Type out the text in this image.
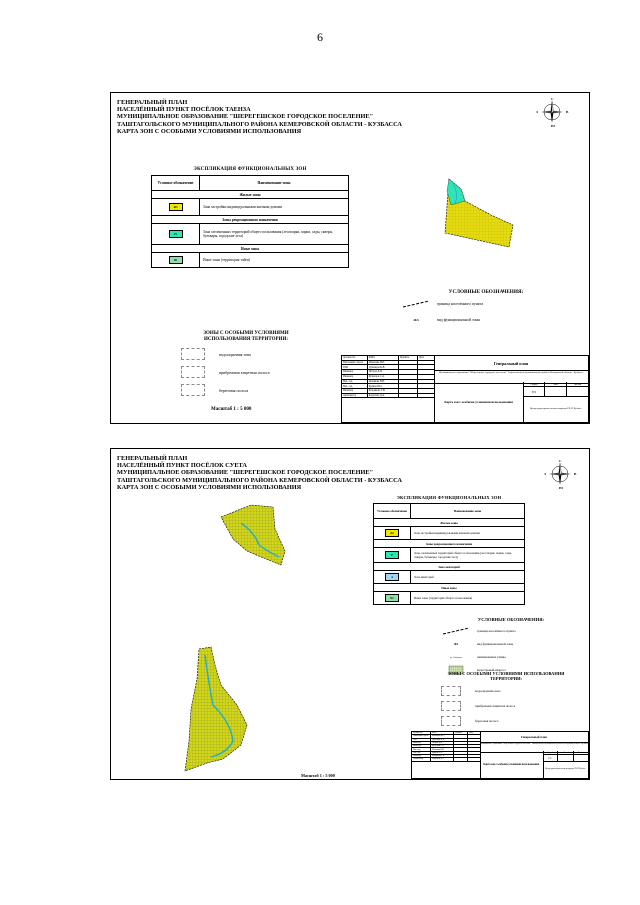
6
ГЕНЕРАЛЬНЫЙ ПЛАН
НАСЕЛЁННЫЙ ПУНКТ ПОСЁЛОК ТАЕНЗА
МУНИЦИПАЛЬНОЕ ОБРАЗОВАНИЕ "ШЕРЕГЕШСКОЕ ГОРОДСКОЕ ПОСЕЛЕНИЕ"
ТАШТАГОЛЬСКОГО МУНИЦИПАЛЬНОГО РАЙОНА КЕМЕРОВСКОЙ ОБЛАСТИ - КУЗБАССА
КАРТА ЗОН С ОСОБЫМИ УСЛОВИЯМИ ИСПОЛЬЗОВАНИЯ
С
Ю
З	В
ЭКСПЛИКАЦИЯ ФУНКЦИОНАЛЬНЫХ ЗОН
Условное обозначение	Наименование зоны
Жилые зоны
Ж3	Зона застройки индивидуальными жилыми домами
Зоны рекреационного назначения
Р1	Зона озелененных территорий общего пользования (лесопарки, парки, сады, скверы, бульвары, городские леса)
Иные зоны
И1	Иные зоны (территория тайги)
УСЛОВНЫЕ ОБОЗНАЧЕНИЯ:
граница населённого пункта
Ж3	вид функциональной зоны
ЗОНЫ С ОСОБЫМИ УСЛОВИЯМИ ИСПОЛЬЗОВАНИЯ ТЕРРИТОРИИ:
водоохранная зона
прибрежная защитная полоса
береговая полоса
Масштаб 1 : 5 000
Должность	ФИО	Подпись	Дата
Начальник отдела	Ильичева И.Е.
ГИП	Дубенцов К.В.
Инженер	Петров Д.И.
Инженер	Кузнецов С.А.
Нач. отд.	Полякова В.В.
Нач. отд.	Кудина Ю.С.
Инженер	Кондакова Г.В.
Архитектор	Бадухина Д.А.
Генеральный план
Муниципальное образование "Шерегешское городское поселение" Таштагольского муниципального района Кемеровской области - Кузбасса
Карта зон с особыми условиями использования
Стадия
ГП
Лист	Листов
Центр градостроительства и кадастра ГКАУ Кузбасс
ГЕНЕРАЛЬНЫЙ ПЛАН
НАСЕЛЁННЫЙ ПУНКТ ПОСЁЛОК СУЕТА
МУНИЦИПАЛЬНОЕ ОБРАЗОВАНИЕ "ШЕРЕГЕШСКОЕ ГОРОДСКОЕ ПОСЕЛЕНИЕ"
ТАШТАГОЛЬСКОГО МУНИЦИПАЛЬНОГО РАЙОНА КЕМЕРОВСКОЙ ОБЛАСТИ - КУЗБАССА
КАРТА ЗОН С ОСОБЫМИ УСЛОВИЯМИ ИСПОЛЬЗОВАНИЯ
С
Ю
З	В
ЭКСПЛИКАЦИЯ ФУНКЦИОНАЛЬНЫХ ЗОН
Условное обозначение	Наименование зоны
Жилые зоны
Ж3	Зона застройки индивидуальными жилыми домами
Зоны рекреационного назначения
Р	Зона озелененных территорий общего пользования (лесопарки, парки, сады, скверы, бульвары, городские леса)
Зона акваторий
А	Зона акваторий
Иные зоны
И1	Иные зоны (территория общего пользования)
УСЛОВНЫЕ ОБОЗНАЧЕНИЯ:
граница населённого пункта
Ж3	вид функциональной зоны
ул. Садовая	наименование улицы
кадастровый квартал
ЗОНЫ С ОСОБЫМИ УСЛОВИЯМИ ИСПОЛЬЗОВАНИЯ ТЕРРИТОРИИ:
водоохранная зона
прибрежная защитная полоса
береговая полоса
Масштаб 1 : 5 000
Должность	ФИО	Подпись	Дата
Начальник отдела	Ильичева И.Е.
ГИП	Дубенцов К.В.
Инженер	Петров Д.И.
Инженер	Кузнецов С.А.
Нач. отд.	Полякова В.В.
Нач. отд.	Кудина Ю.С.
Инженер	Кондакова Г.В.
Архитектор	Бадухина Д.А.
Генеральный план
Муниципальное образование "Шерегешское городское поселение" Таштагольского муниципального района Кемеровской области - Кузбасса
Карта зон с особыми условиями использования
Стадия
ГП
Лист	Листов
Центр градостроительства и кадастра ГКАУ Кузбасс
